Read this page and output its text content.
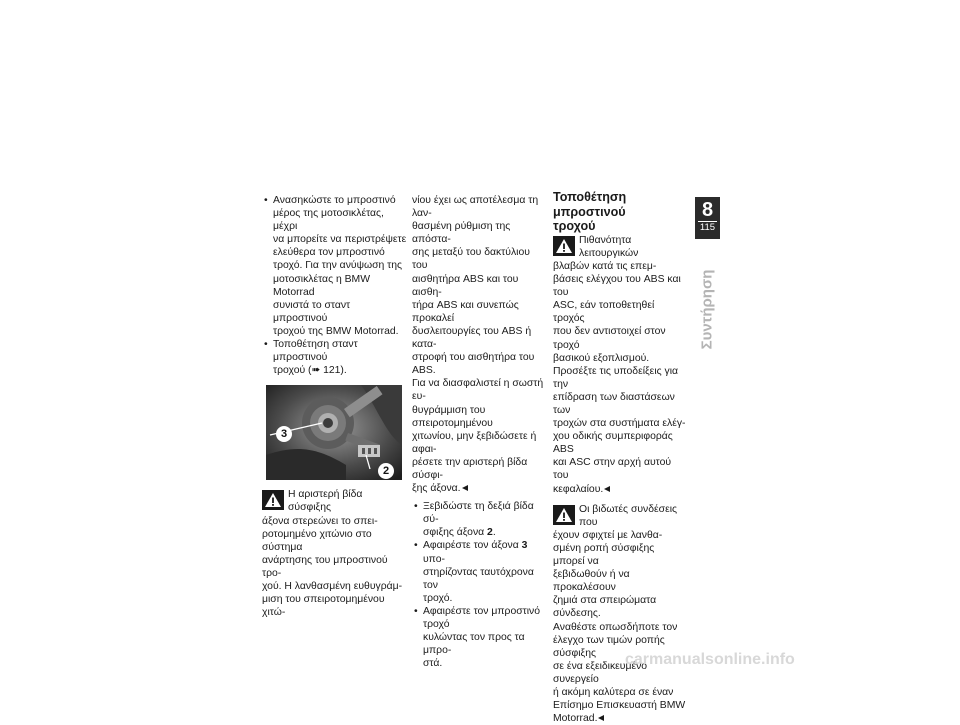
• Ανασηκώστε το μπροστινό
μέρος της μοτοσικλέτας, μέχρι
να μπορείτε να περιστρέψετε
ελεύθερα τον μπροστινό
τροχό. Για την ανύψωση της
μοτοσικλέτας η BMW Motorrad
συνιστά το σταντ μπροστινού
τροχού της BMW Motorrad.
• Τοποθέτηση σταντ μπροστινού
τροχού (➠ 121).
3
2

Η αριστερή βίδα σύσφιξης
άξονα στερεώνει το σπει-
ροτομημένο χιτώνιο στο σύστημα
ανάρτησης του μπροστινού τρο-
χού. Η λανθασμένη ευθυγράμ-
μιση του σπειροτομημένου χιτώ-

νίου έχει ως αποτέλεσμα τη λαν-
θασμένη ρύθμιση της απόστα-
σης μεταξύ του δακτύλιου του
αισθητήρα ABS και του αισθη-
τήρα ABS και συνεπώς προκαλεί
δυσλειτουργίες του ABS ή κατα-
στροφή του αισθητήρα του ABS.
Για να διασφαλιστεί η σωστή ευ-
θυγράμμιση του σπειροτομημένου
χιτωνίου, μην ξεβιδώσετε ή αφαι-
ρέσετε την αριστερή βίδα σύσφι-
ξης άξονα.

• Ξεβιδώστε τη δεξιά βίδα σύ-
σφιξης άξονα 2.
• Αφαιρέστε τον άξονα 3 υπο-
στηρίζοντας ταυτόχρονα τον
τροχό.
• Αφαιρέστε τον μπροστινό τροχό
κυλώντας τον προς τα μπρο-
στά.

Τοποθέτηση μπροστινού
τροχού

Πιθανότητα λειτουργικών
βλαβών κατά τις επεμ-
βάσεις ελέγχου του ABS και του
ASC, εάν τοποθετηθεί τροχός
που δεν αντιστοιχεί στον τροχό
βασικού εξοπλισμού.

Προσέξτε τις υποδείξεις για την
επίδραση των διαστάσεων των
τροχών στα συστήματα ελέγ-
χου οδικής συμπεριφοράς ABS
και ASC στην αρχή αυτού του
κεφαλαίου.

Οι βιδωτές συνδέσεις που
έχουν σφιχτεί με λανθα-
σμένη ροπή σύσφιξης μπορεί να
ξεβιδωθούν ή να προκαλέσουν
ζημιά στα σπειρώματα σύνδεσης.
Αναθέστε οπωσδήποτε τον
έλεγχο των τιμών ροπής σύσφιξης
σε ένα εξειδικευμένο συνεργείο
ή ακόμη καλύτερα σε έναν
Επίσημο Επισκευαστή BMW
Motorrad.

8
115
Συντήρηση
carmanualsonline.info
